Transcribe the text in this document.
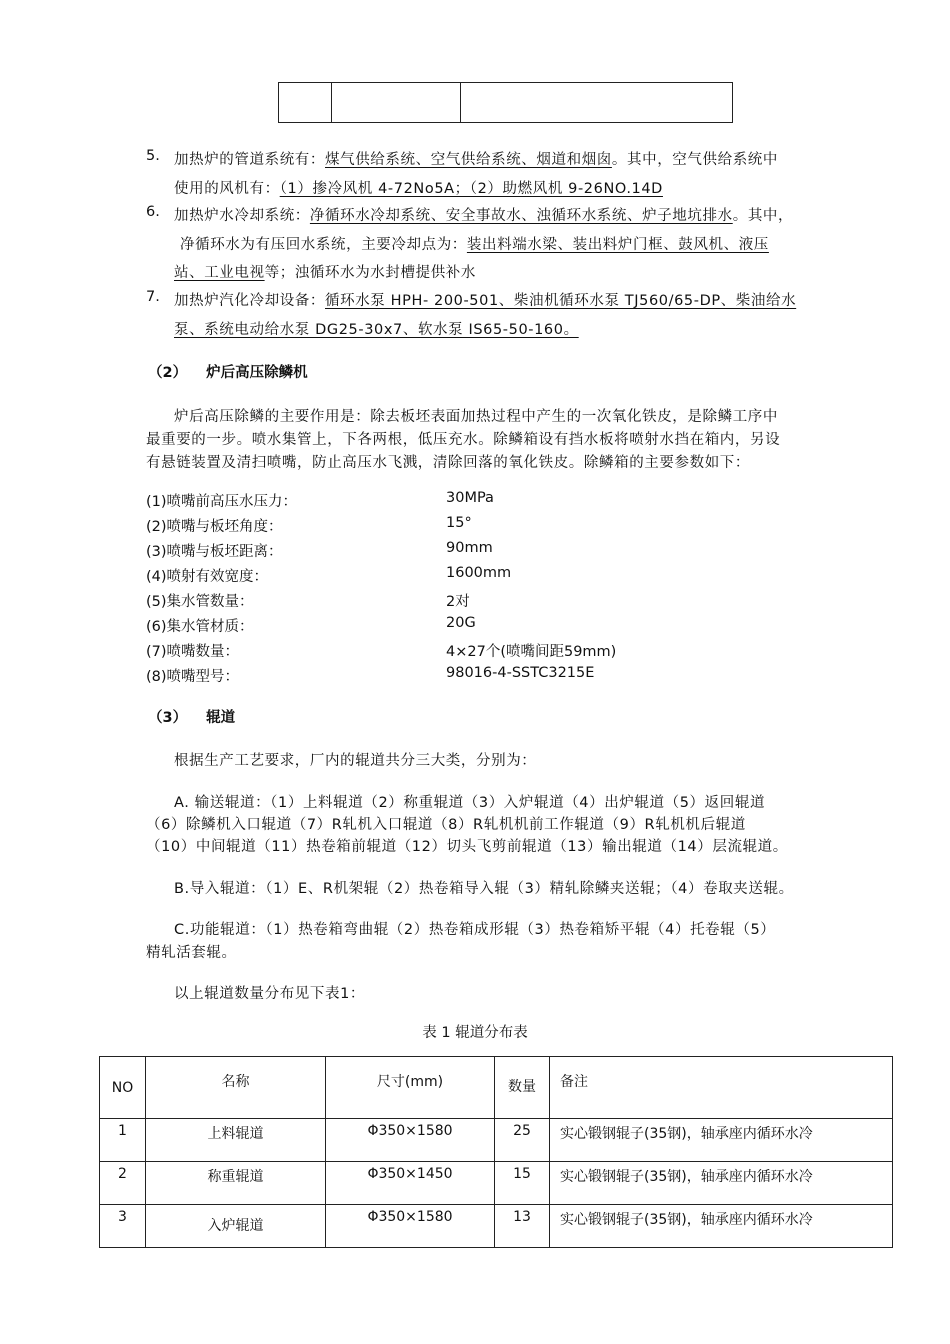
5. 加热炉的管道系统有：煤气供给系统、空气供给系统、烟道和烟囱。其中，空气供给系统中
使用的风机有：（1）掺冷风机 4-72No5A；（2）助燃风机 9-26NO.14D
6. 加热炉水冷却系统：净循环水冷却系统、安全事故水、浊循环水系统、炉子地坑排水。其中，
净循环水为有压回水系统，主要冷却点为：装出料端水梁、装出料炉门框、鼓风机、液压
站、工业电视等；浊循环水为水封槽提供补水
7. 加热炉汽化冷却设备：循环水泵 HPH- 200-501、柴油机循环水泵 TJ560/65-DP、柴油给水
泵、系统电动给水泵 DG25-30x7、软水泵 IS65-50-160。
（2） 炉后高压除鳞机
炉后高压除鳞的主要作用是：除去板坯表面加热过程中产生的一次氧化铁皮，是除鳞工序中
最重要的一步。喷水集管上，下各两根，低压充水。除鳞箱设有挡水板将喷射水挡在箱内，另设
有悬链装置及清扫喷嘴，防止高压水飞溅，清除回落的氧化铁皮。除鳞箱的主要参数如下：
(1)喷嘴前高压水压力：	30MPa
(2)喷嘴与板坯角度：	15°
(3)喷嘴与板坯距离：	90mm
(4)喷射有效宽度：	1600mm
(5)集水管数量：	2对
(6)集水管材质：	20G
(7)喷嘴数量：	4×27个(喷嘴间距59mm)
(8)喷嘴型号：	98016-4-SSTC3215E
（3） 辊道
根据生产工艺要求，厂内的辊道共分三大类，分别为：
A. 输送辊道：（1）上料辊道（2）称重辊道（3）入炉辊道（4）出炉辊道（5）返回辊道
（6）除鳞机入口辊道（7）R轧机入口辊道（8）R轧机机前工作辊道（9）R轧机机后辊道
（10）中间辊道（11）热卷箱前辊道（12）切头飞剪前辊道（13）输出辊道（14）层流辊道。
B.导入辊道：（1）E、R机架辊（2）热卷箱导入辊（3）精轧除鳞夹送辊；（4）卷取夹送辊。
C.功能辊道：（1）热卷箱弯曲辊（2）热卷箱成形辊（3）热卷箱矫平辊（4）托卷辊（5）
精轧活套辊。
以上辊道数量分布见下表1：
表 1 辊道分布表
NO	名称	尺寸(mm)	数量	备注
1	上料辊道	Φ350×1580	25	实心锻钢辊子(35钢)，轴承座内循环水冷
2	称重辊道	Φ350×1450	15	实心锻钢辊子(35钢)，轴承座内循环水冷
3	入炉辊道	Φ350×1580	13	实心锻钢辊子(35钢)，轴承座内循环水冷
